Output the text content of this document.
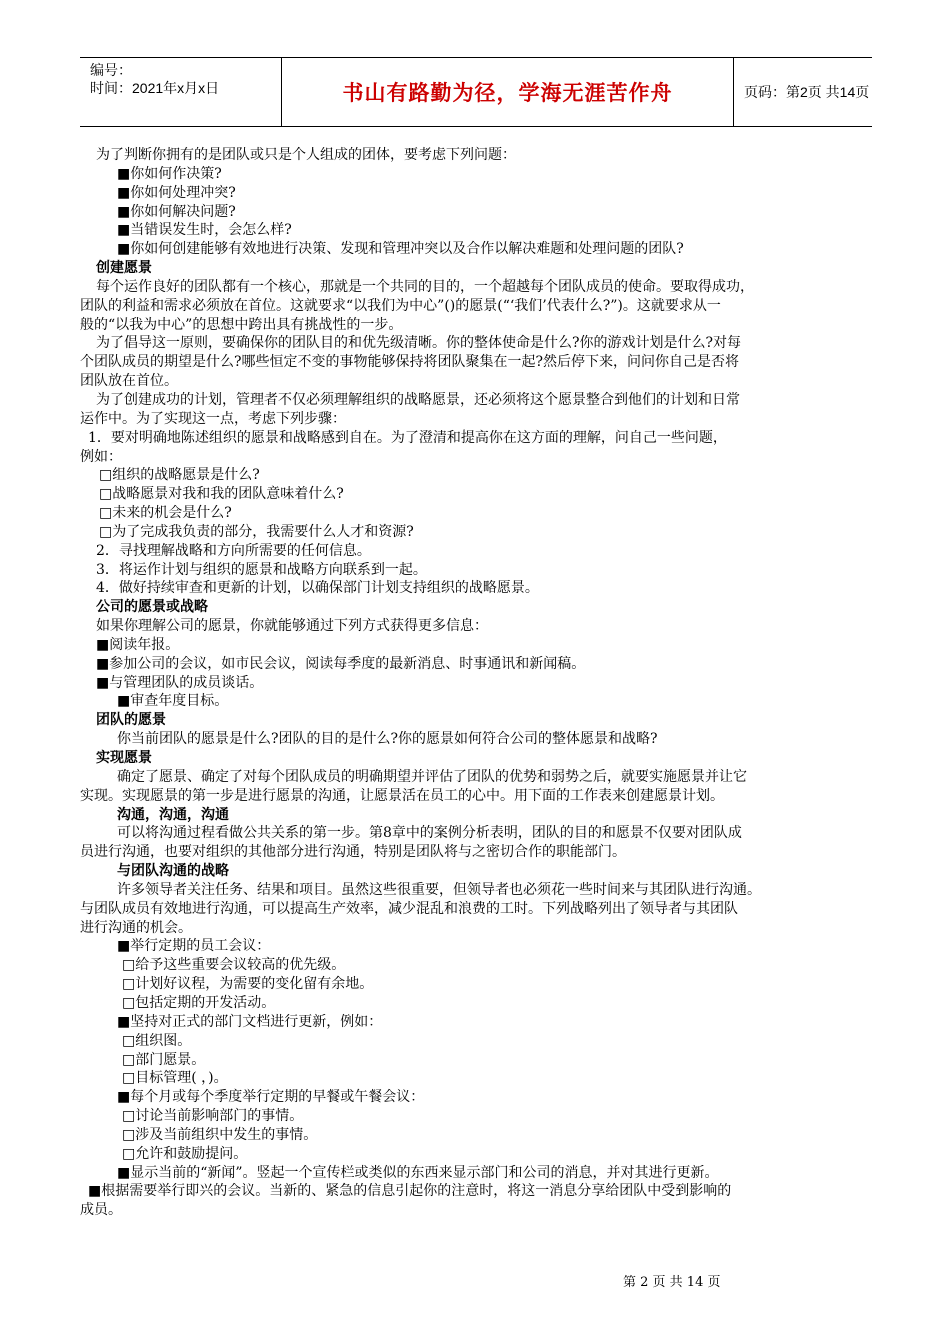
编号：
时间：2021年x月x日	书山有路勤为径，学海无涯苦作舟	页码：第2页 共14页
为了判断你拥有的是团队或只是个人组成的团体，要考虑下列问题：
■你如何作决策?
■你如何处理冲突?
■你如何解决问题?
■当错误发生时，会怎么样?
■你如何创建能够有效地进行决策、发现和管理冲突以及合作以解决难题和处理问题的团队?
创建愿景
每个运作良好的团队都有一个核心，那就是一个共同的目的，一个超越每个团队成员的使命。要取得成功，
团队的利益和需求必须放在首位。这就要求“以我们为中心”()的愿景(“‘我们’代表什么?”)。这就要求从一
般的“以我为中心”的思想中跨出具有挑战性的一步。
为了倡导这一原则，要确保你的团队目的和优先级清晰。你的整体使命是什么?你的游戏计划是什么?对每
个团队成员的期望是什么?哪些恒定不变的事物能够保持将团队聚集在一起?然后停下来，问问你自己是否将
团队放在首位。
为了创建成功的计划，管理者不仅必须理解组织的战略愿景，还必须将这个愿景整合到他们的计划和日常
运作中。为了实现这一点，考虑下列步骤：
1．要对明确地陈述组织的愿景和战略感到自在。为了澄清和提高你在这方面的理解，问自己一些问题，
例如：
□组织的战略愿景是什么?
□战略愿景对我和我的团队意味着什么?
□未来的机会是什么?
□为了完成我负责的部分，我需要什么人才和资源?
2．寻找理解战略和方向所需要的任何信息。
3．将运作计划与组织的愿景和战略方向联系到一起。
4．做好持续审查和更新的计划，以确保部门计划支持组织的战略愿景。
公司的愿景或战略
如果你理解公司的愿景，你就能够通过下列方式获得更多信息：
■阅读年报。
■参加公司的会议，如市民会议，阅读每季度的最新消息、时事通讯和新闻稿。
■与管理团队的成员谈话。
■审查年度目标。
团队的愿景
你当前团队的愿景是什么?团队的目的是什么?你的愿景如何符合公司的整体愿景和战略?
实现愿景
确定了愿景、确定了对每个团队成员的明确期望并评估了团队的优势和弱势之后，就要实施愿景并让它
实现。实现愿景的第一步是进行愿景的沟通，让愿景活在员工的心中。用下面的工作表来创建愿景计划。
沟通，沟通，沟通
可以将沟通过程看做公共关系的第一步。第8章中的案例分析表明，团队的目的和愿景不仅要对团队成
员进行沟通，也要对组织的其他部分进行沟通，特别是团队将与之密切合作的职能部门。
与团队沟通的战略
许多领导者关注任务、结果和项目。虽然这些很重要，但领导者也必须花一些时间来与其团队进行沟通。
与团队成员有效地进行沟通，可以提高生产效率，减少混乱和浪费的工时。下列战略列出了领导者与其团队
进行沟通的机会。
■举行定期的员工会议：
□给予这些重要会议较高的优先级。
□计划好议程，为需要的变化留有余地。
□包括定期的开发活动。
■坚持对正式的部门文档进行更新，例如：
□组织图。
□部门愿景。
□目标管理( ，)。
■每个月或每个季度举行定期的早餐或午餐会议：
□讨论当前影响部门的事情。
□涉及当前组织中发生的事情。
□允许和鼓励提问。
■显示当前的“新闻”。竖起一个宣传栏或类似的东西来显示部门和公司的消息，并对其进行更新。
■根据需要举行即兴的会议。当新的、紧急的信息引起你的注意时，将这一消息分享给团队中受到影响的
成员。
第 2 页 共 14 页
